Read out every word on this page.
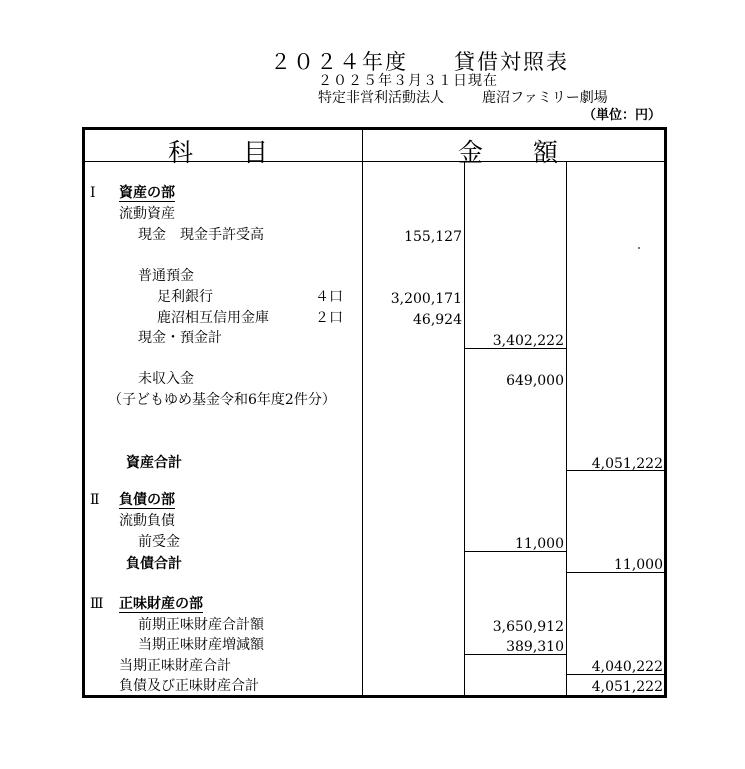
２０２４年度 貸借対照表
２０２５年３月３１日現在
特定非営利活動法人	鹿沼ファミリー劇場
（単位：円）
科　　目	金　　額
Ⅰ 資産の部
流動資産
現金　現金手許受高	155,127
普通預金
足利銀行	４口	3,200,171
鹿沼相互信用金庫	２口	46,924
現金・預金計	3,402,222
未収入金	649,000
（子どもゆめ基金令和6年度2件分）
資産合計	4,051,222
Ⅱ 負債の部
流動負債
前受金	11,000
負債合計	11,000
Ⅲ 正味財産の部
前期正味財産合計額	3,650,912
当期正味財産増減額	389,310
当期正味財産合計	4,040,222
負債及び正味財産合計	4,051,222
